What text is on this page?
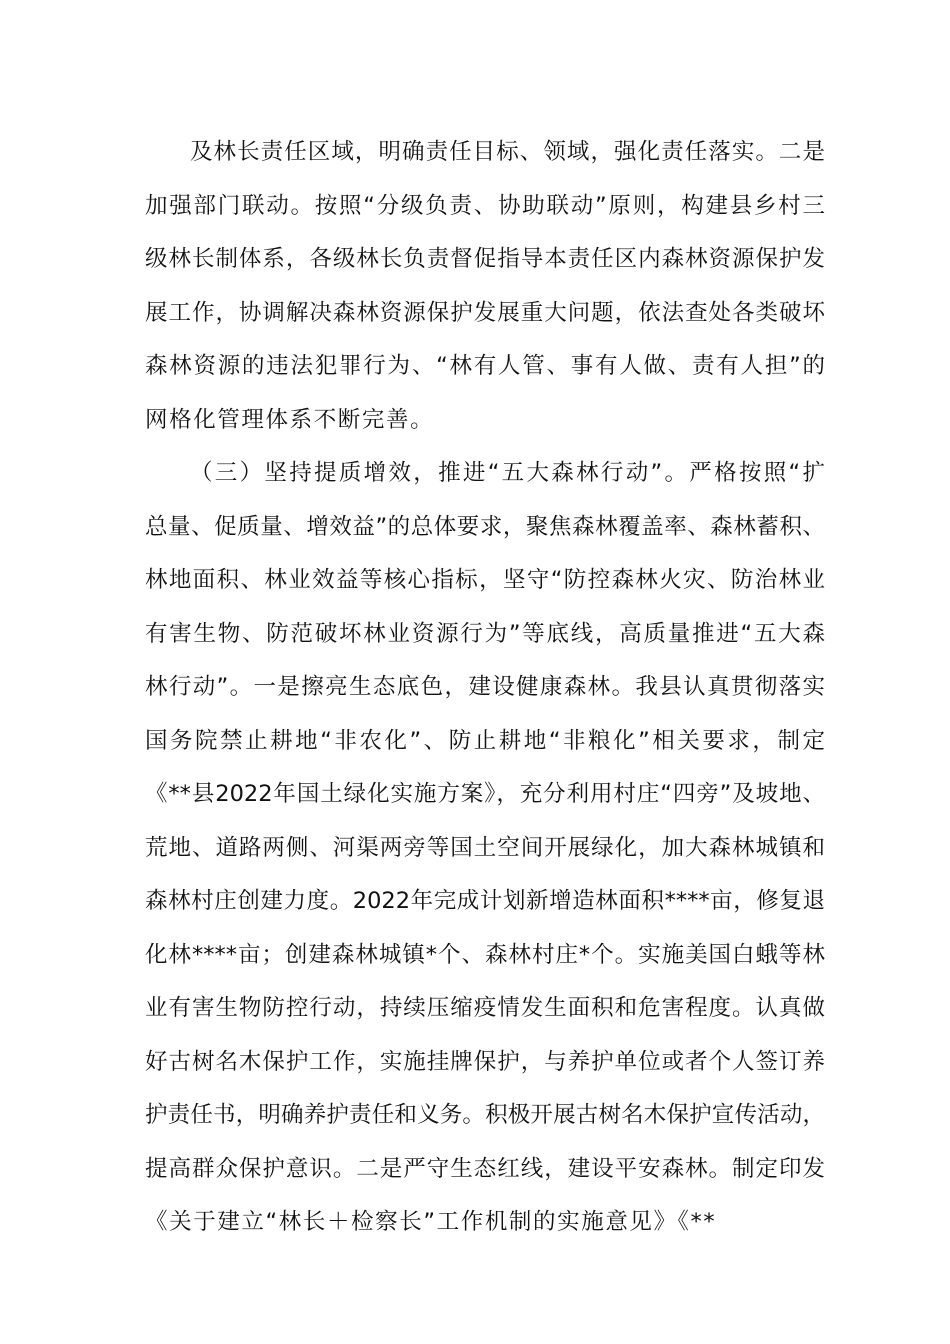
及林长责任区域，明确责任目标、领域，强化责任落实。二是
加强部门联动。按照“分级负责、协助联动”原则，构建县乡村三
级林长制体系，各级林长负责督促指导本责任区内森林资源保护发
展工作，协调解决森林资源保护发展重大问题，依法查处各类破坏
森林资源的违法犯罪行为、“林有人管、事有人做、责有人担”的
网格化管理体系不断完善。
（三）坚持提质增效，推进“五大森林行动”。严格按照“扩
总量、促质量、增效益”的总体要求，聚焦森林覆盖率、森林蓄积、
林地面积、林业效益等核心指标，坚守“防控森林火灾、防治林业
有害生物、防范破坏林业资源行为”等底线，高质量推进“五大森
林行动”。一是擦亮生态底色，建设健康森林。我县认真贯彻落实
国务院禁止耕地“非农化”、防止耕地“非粮化”相关要求，制定
《**县2022年国土绿化实施方案》，充分利用村庄“四旁”及坡地、
荒地、道路两侧、河渠两旁等国土空间开展绿化，加大森林城镇和
森林村庄创建力度。2022年完成计划新增造林面积****亩，修复退
化林****亩；创建森林城镇*个、森林村庄*个。实施美国白蛾等林
业有害生物防控行动，持续压缩疫情发生面积和危害程度。认真做
好古树名木保护工作，实施挂牌保护，与养护单位或者个人签订养
护责任书，明确养护责任和义务。积极开展古树名木保护宣传活动，
提高群众保护意识。二是严守生态红线，建设平安森林。制定印发
《关于建立“林长＋检察长”工作机制的实施意见》《**
